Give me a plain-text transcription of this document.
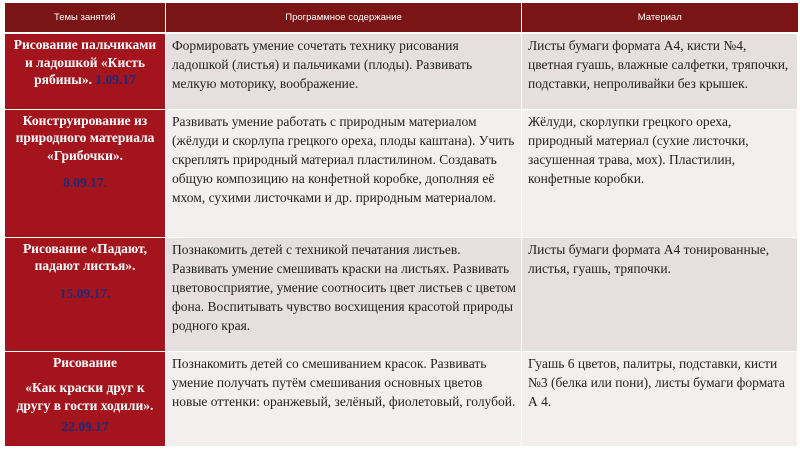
Темы занятий	Программное содержание	Материал
Рисование пальчиками и ладошкой «Кисть рябины». 1.09.17	Формировать умение сочетать технику рисования ладошкой (листья) и пальчиками (плоды). Развивать мелкую моторику, воображение.	Листы бумаги формата А4, кисти №4, цветная гуашь, влажные салфетки, тряпочки, подставки, непроливайки без крышек.
Конструирование из природного материала «Грибочки».
8.09.17.	Развивать умение работать с природным материалом (жёлуди и скорлупа грецкого ореха, плоды каштана). Учить скреплять природный материал пластилином. Создавать общую композицию на конфетной коробке, дополняя её мхом, сухими листочками и др. природным материалом.	Жёлуди, скорлупки грецкого ореха, природный материал (сухие листочки, засушенная трава, мох). Пластилин, конфетные коробки.
Рисование «Падают, падают листья».
15.09.17.	Познакомить детей с техникой печатания листьев. Развивать умение смешивать краски на листьях. Развивать цветовосприятие, умение соотносить цвет листьев с цветом фона. Воспитывать чувство восхищения красотой природы родного края.	Листы бумаги формата А4 тонированные, листья, гуашь, тряпочки.
Рисование
«Как краски друг к другу в гости ходили».
22.09.17	Познакомить детей со смешиванием красок. Развивать умение получать путём смешивания основных цветов новые оттенки: оранжевый, зелёный, фиолетовый, голубой.	Гуашь 6 цветов, палитры, подставки, кисти №3 (белка или пони), листы бумаги формата А 4.
